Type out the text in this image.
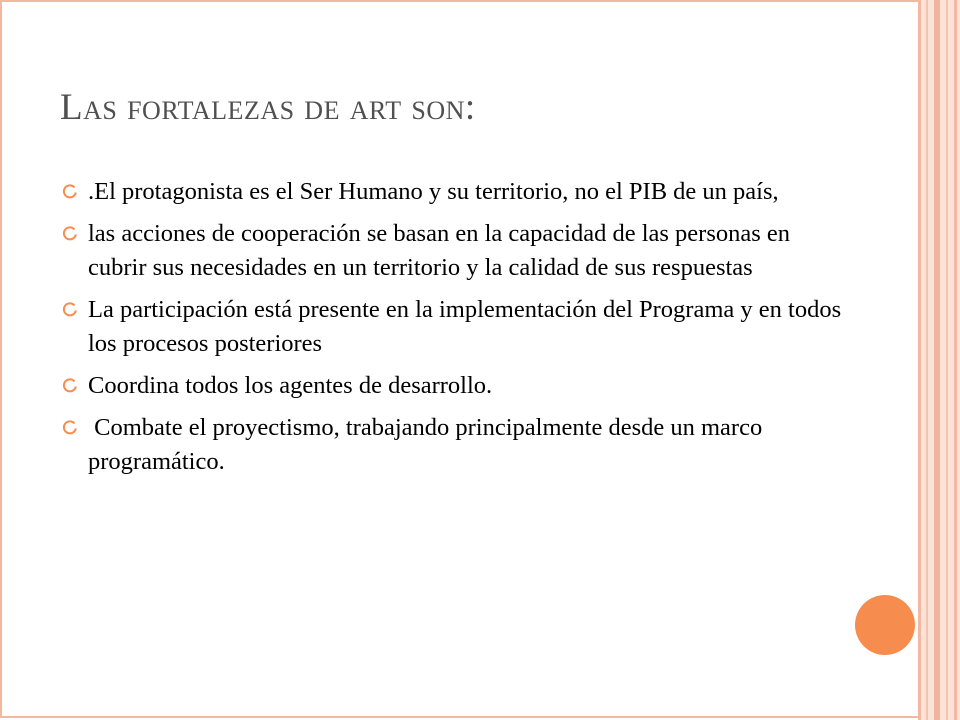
Las fortalezas de art son:
.El protagonista es el Ser Humano y su territorio, no el PIB de un país,
las acciones de cooperación se basan en la capacidad de las personas en cubrir sus necesidades en un territorio y la calidad de sus respuestas
La participación está presente en la implementación del Programa y en todos los procesos posteriores
Coordina todos los agentes de desarrollo.
Combate el proyectismo, trabajando principalmente desde un marco programático.
